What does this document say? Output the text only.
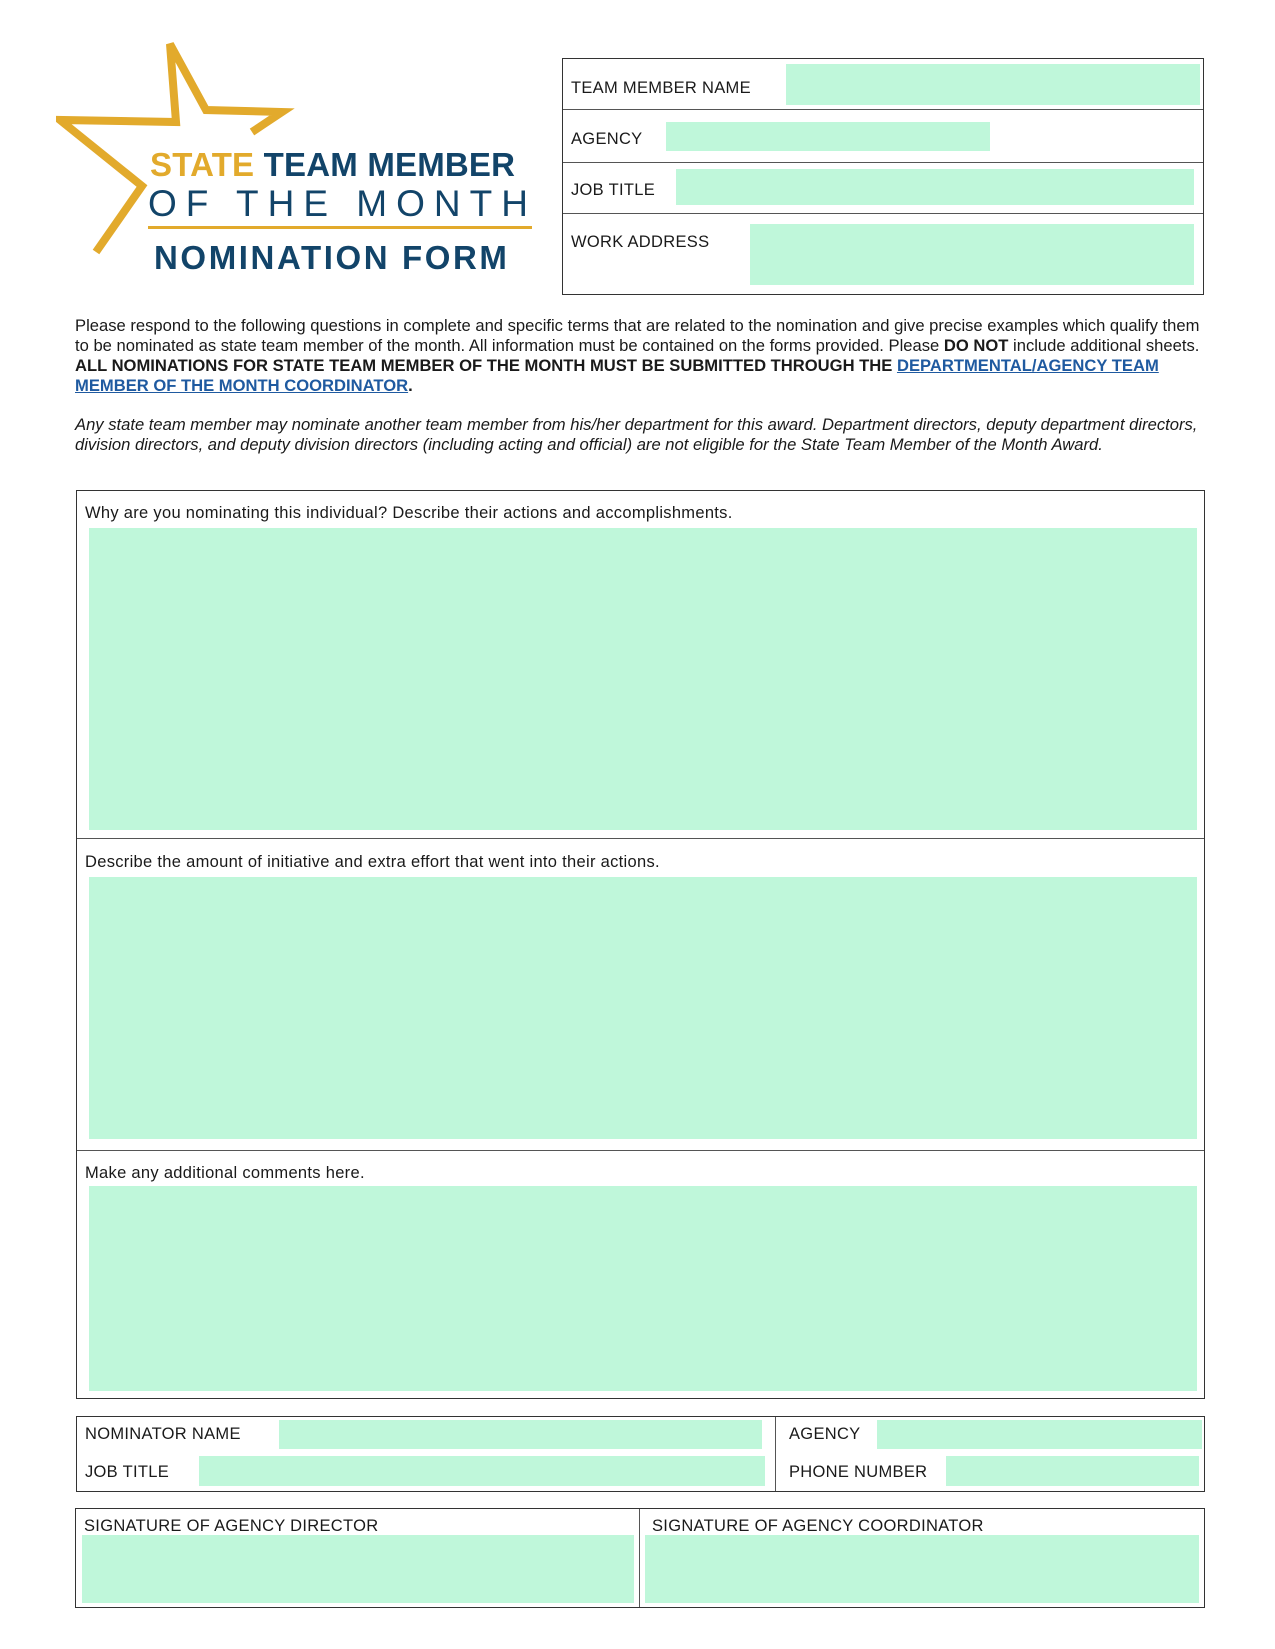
STATE TEAM MEMBER
OF THE MONTH
NOMINATION FORM
TEAM MEMBER NAME
AGENCY
JOB TITLE
WORK ADDRESS
Please respond to the following questions in complete and specific terms that are related to the nomination and give precise examples which qualify them to be nominated as state team member of the month. All information must be contained on the forms provided. Please DO NOT include additional sheets. ALL NOMINATIONS FOR STATE TEAM MEMBER OF THE MONTH MUST BE SUBMITTED THROUGH THE DEPARTMENTAL/AGENCY TEAM MEMBER OF THE MONTH COORDINATOR.
Any state team member may nominate another team member from his/her department for this award. Department directors, deputy department directors, division directors, and deputy division directors (including acting and official) are not eligible for the State Team Member of the Month Award.
Why are you nominating this individual? Describe their actions and accomplishments.
Describe the amount of initiative and extra effort that went into their actions.
Make any additional comments here.
NOMINATOR NAME
JOB TITLE
AGENCY
PHONE NUMBER
SIGNATURE OF AGENCY DIRECTOR	SIGNATURE OF AGENCY COORDINATOR
